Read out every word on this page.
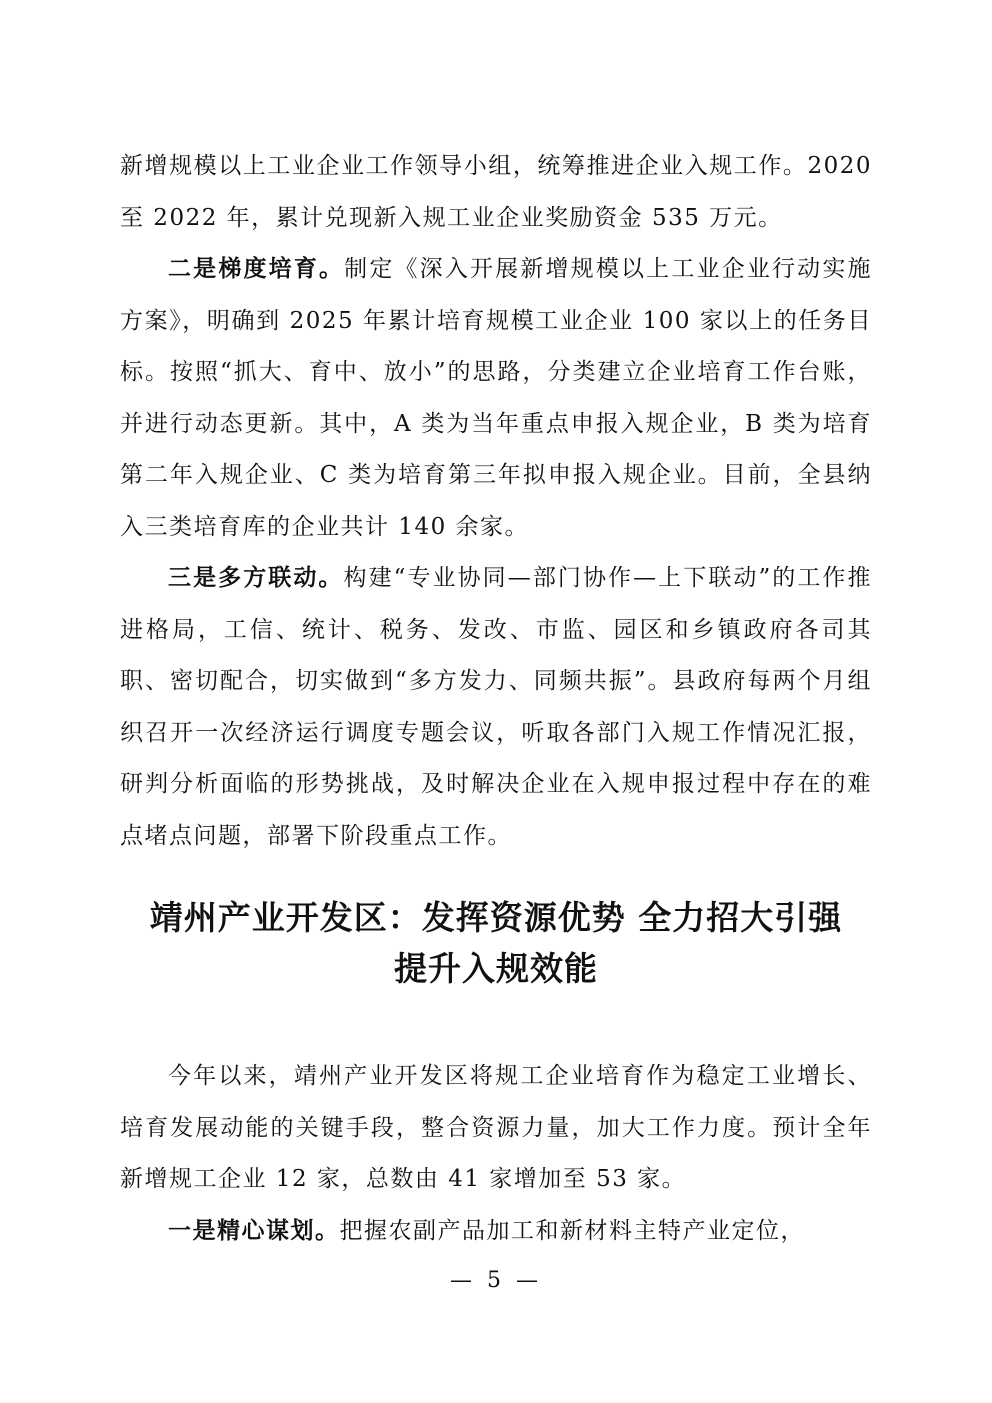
新增规模以上工业企业工作领导小组，统筹推进企业入规工作。2020 至 2022 年，累计兑现新入规工业企业奖励资金 535 万元。

二是梯度培育。制定《深入开展新增规模以上工业企业行动实施方案》，明确到 2025 年累计培育规模工业企业 100 家以上的任务目标。按照“抓大、育中、放小”的思路，分类建立企业培育工作台账，并进行动态更新。其中，A 类为当年重点申报入规企业，B 类为培育第二年入规企业、C 类为培育第三年拟申报入规企业。目前，全县纳入三类培育库的企业共计 140 余家。

三是多方联动。构建“专业协同—部门协作—上下联动”的工作推进格局，工信、统计、税务、发改、市监、园区和乡镇政府各司其职、密切配合，切实做到“多方发力、同频共振”。县政府每两个月组织召开一次经济运行调度专题会议，听取各部门入规工作情况汇报，研判分析面临的形势挑战，及时解决企业在入规申报过程中存在的难点堵点问题，部署下阶段重点工作。

靖州产业开发区：发挥资源优势 全力招大引强
提升入规效能

今年以来，靖州产业开发区将规工企业培育作为稳定工业增长、培育发展动能的关键手段，整合资源力量，加大工作力度。预计全年新增规工企业 12 家，总数由 41 家增加至 53 家。

一是精心谋划。把握农副产品加工和新材料主特产业定位，

— 5 —
